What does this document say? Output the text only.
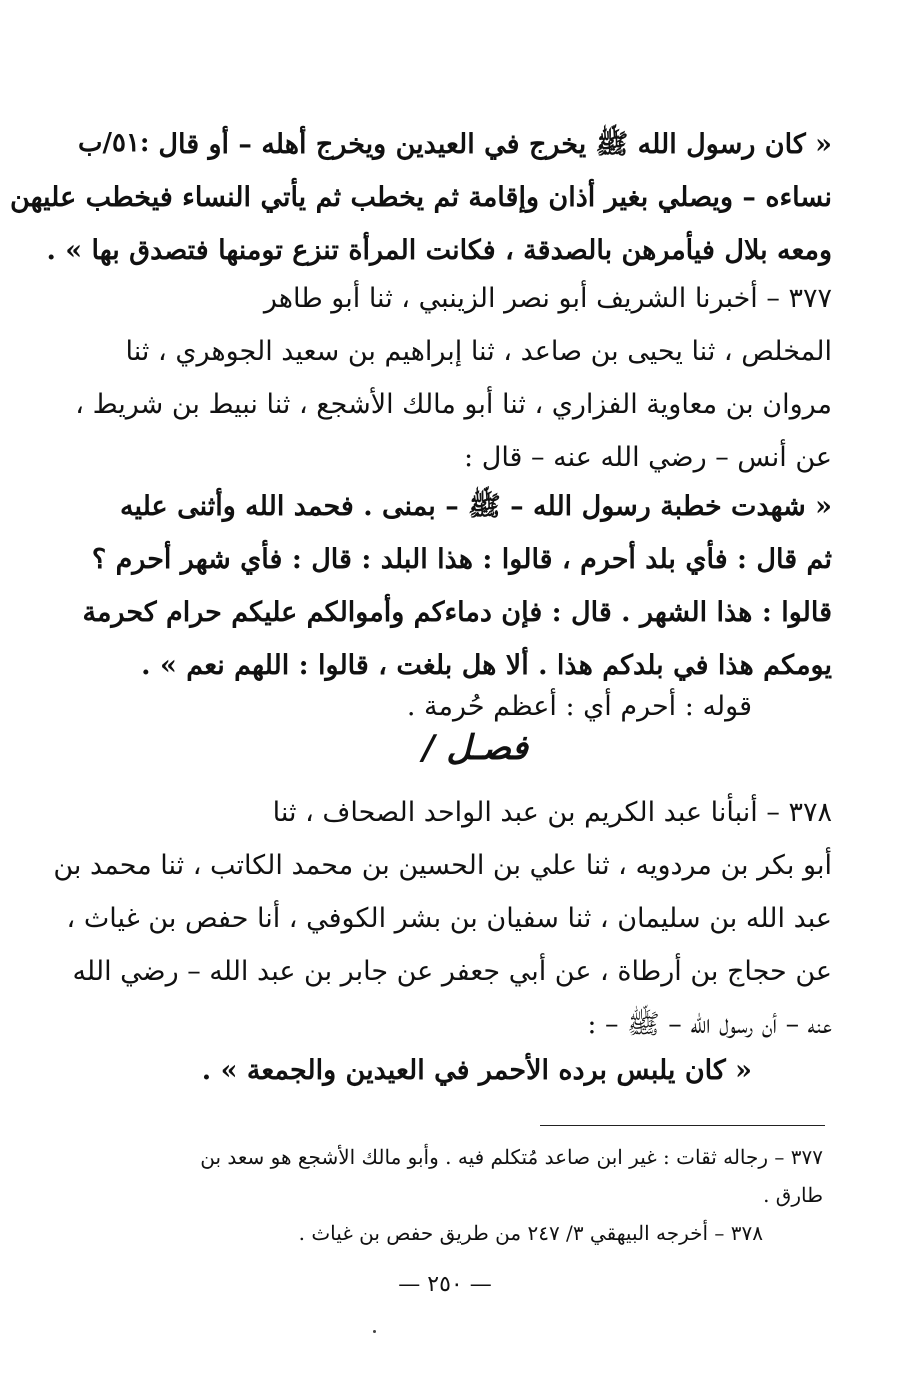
:٥١/ب « كان رسول الله ﷺ يخرج في العيدين ويخرج أهله – أو قال
نساءه – ويصلي بغير أذان وإقامة ثم يخطب ثم يأتي النساء فيخطب عليهن
ومعه بلال فيأمرهن بالصدقة ، فكانت المرأة تنزع تومنها فتصدق بها » .
٣٧٧ – أخبرنا الشريف أبو نصر الزينبي ، ثنا أبو طاهر
المخلص ، ثنا يحيى بن صاعد ، ثنا إبراهيم بن سعيد الجوهري ، ثنا
مروان بن معاوية الفزاري ، ثنا أبو مالك الأشجع ، ثنا نبيط بن شريط ،
عن أنس – رضي الله عنه – قال :
« شهدت خطبة رسول الله – ﷺ – بمنى . فحمد الله وأثنى عليه
ثم قال : فأي بلد أحرم ، قالوا : هذا البلد : قال : فأي شهر أحرم ؟
قالوا : هذا الشهر . قال : فإن دماءكم وأموالكم عليكم حرام كحرمة
يومكم هذا في بلدكم هذا . ألا هل بلغت ، قالوا : اللهم نعم » .
قوله : أحرم أي : أعظم حُرمة .
فصـل /
٣٧٨ – أنبأنا عبد الكريم بن عبد الواحد الصحاف ، ثنا
أبو بكر بن مردويه ، ثنا علي بن الحسين بن محمد الكاتب ، ثنا محمد بن
عبد الله بن سليمان ، ثنا سفيان بن بشر الكوفي ، أنا حفص بن غياث ،
عن حجاج بن أرطاة ، عن أبي جعفر عن جابر بن عبد الله – رضي الله
عنه – أن رسول الله – ﷺ – :
« كان يلبس برده الأحمر في العيدين والجمعة » .
٣٧٧ – رجاله ثقات : غير ابن صاعد مُتكلم فيه . وأبو مالك الأشجع هو سعد بن
طارق .
٣٧٨ – أخرجه البيهقي ٣/ ٢٤٧ من طريق حفص بن غياث .
— ٢٥٠ —
